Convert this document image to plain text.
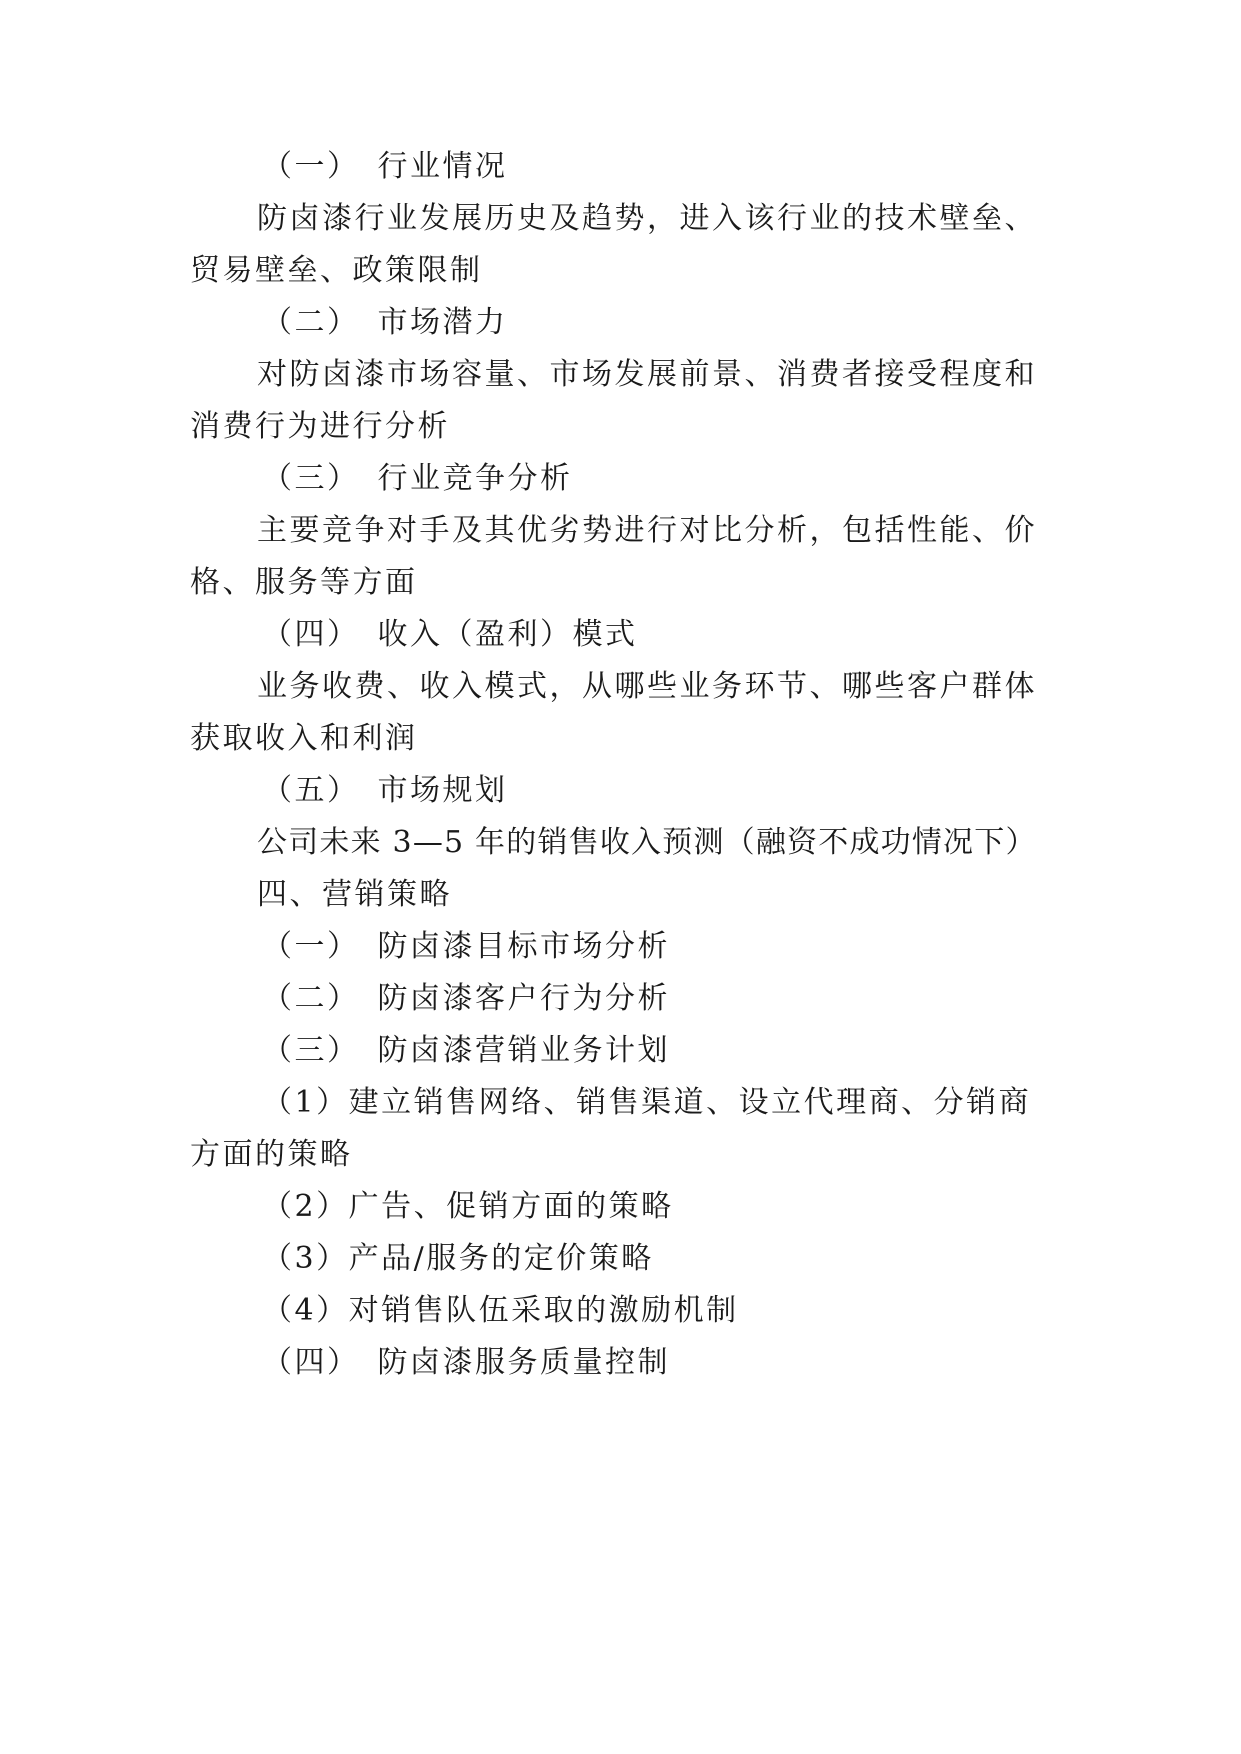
（一） 行业情况
防卤漆行业发展历史及趋势，进入该行业的技术壁垒、
贸易壁垒、政策限制
（二） 市场潜力
对防卤漆市场容量、市场发展前景、消费者接受程度和
消费行为进行分析
（三） 行业竞争分析
主要竞争对手及其优劣势进行对比分析，包括性能、价
格、服务等方面
（四） 收入（盈利）模式
业务收费、收入模式，从哪些业务环节、哪些客户群体
获取收入和利润
（五） 市场规划
公司未来 3—5 年的销售收入预测（融资不成功情况下）
四、营销策略
（一） 防卤漆目标市场分析
（二） 防卤漆客户行为分析
（三） 防卤漆营销业务计划
（1）建立销售网络、销售渠道、设立代理商、分销商
方面的策略
（2）广告、促销方面的策略
（3）产品/服务的定价策略
（4）对销售队伍采取的激励机制
（四） 防卤漆服务质量控制
